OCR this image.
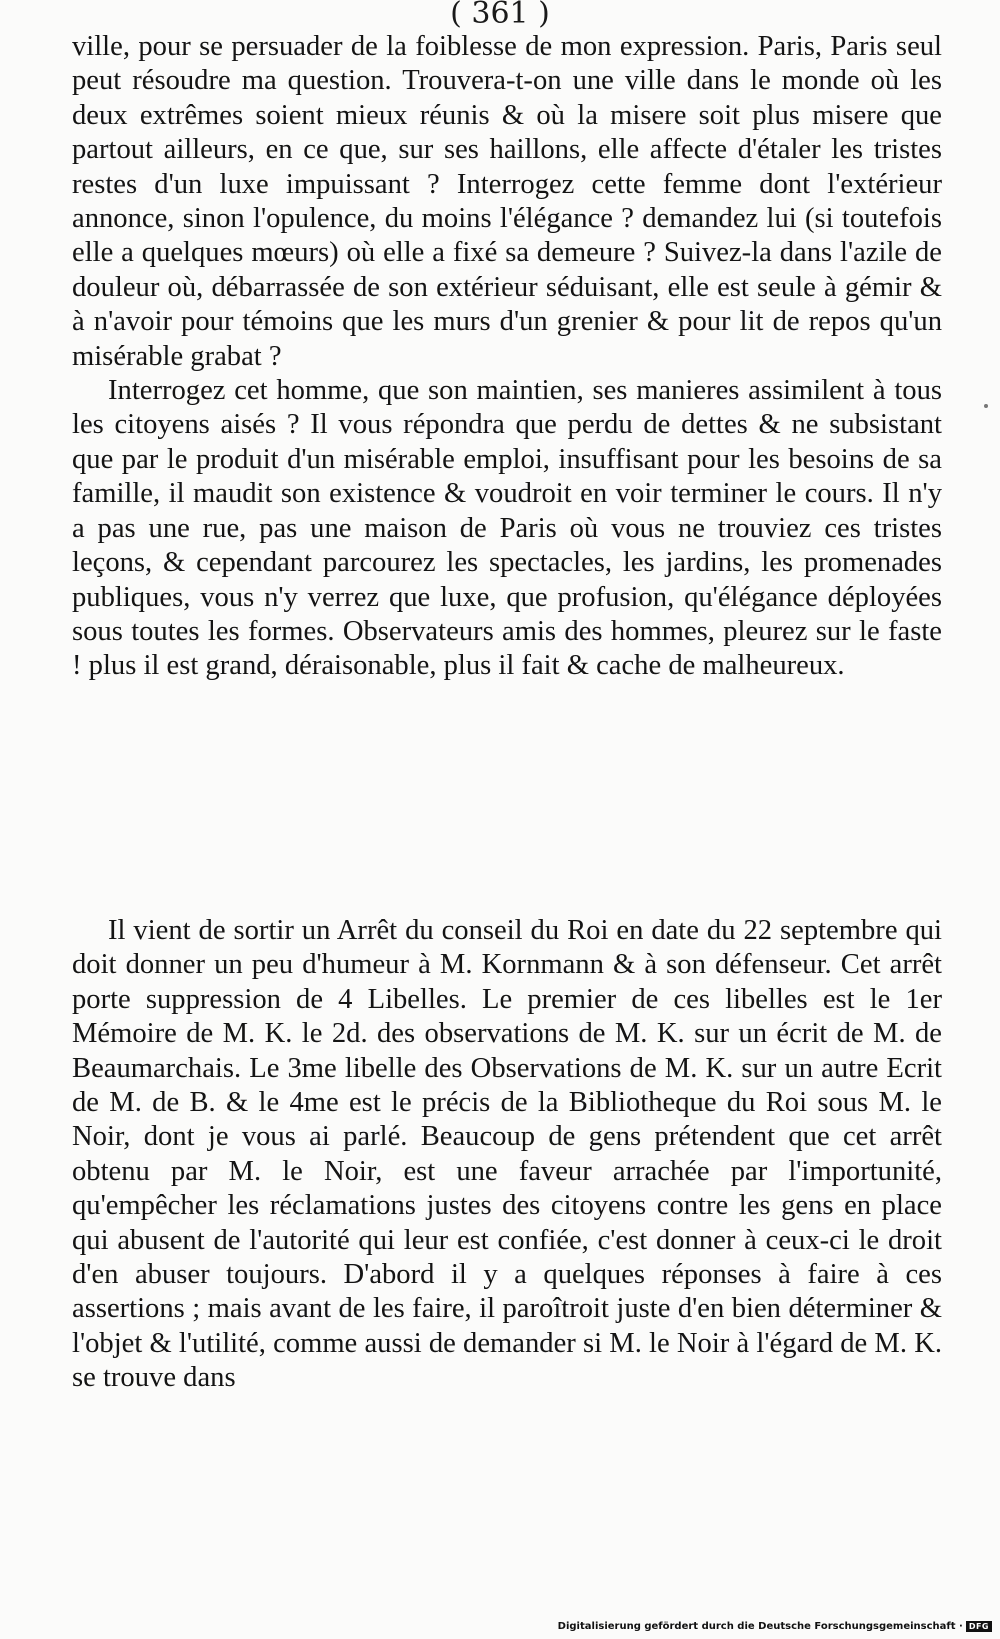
( 361 )

ville, pour se persuader de la foiblesse de mon expression. Paris, Paris seul peut résoudre ma question. Trouvera-t-on une ville dans le monde où les deux extrêmes soient mieux réunis & où la misere soit plus misere que partout ailleurs, en ce que, sur ses haillons, elle affecte d'étaler les tristes restes d'un luxe impuissant ? Interrogez cette femme dont l'extérieur annonce, sinon l'opulence, du moins l'élégance ? demandez lui (si toutefois elle a quelques mœurs) où elle a fixé sa demeure ? Suivez-la dans l'azile de douleur où, débarrassée de son extérieur séduisant, elle est seule à gémir & à n'avoir pour témoins que les murs d'un grenier & pour lit de repos qu'un misérable grabat ?

Interrogez cet homme, que son maintien, ses manieres assimilent à tous les citoyens aisés ? Il vous répondra que perdu de dettes & ne subsistant que par le produit d'un misérable emploi, insuffisant pour les besoins de sa famille, il maudit son existence & voudroit en voir terminer le cours. Il n'y a pas une rue, pas une maison de Paris où vous ne trouviez ces tristes leçons, & cependant parcourez les spectacles, les jardins, les promenades publiques, vous n'y verrez que luxe, que profusion, qu'élégance déployées sous toutes les formes. Observateurs amis des hommes, pleurez sur le faste ! plus il est grand, déraisonable, plus il fait & cache de malheureux.

Il vient de sortir un Arrêt du conseil du Roi en date du 22 septembre qui doit donner un peu d'humeur à M. Kornmann & à son défenseur. Cet arrêt porte suppression de 4 Libelles. Le premier de ces libelles est le 1er Mémoire de M. K. le 2d. des observations de M. K. sur un écrit de M. de Beaumarchais. Le 3me libelle des Observations de M. K. sur un autre Ecrit de M. de B. & le 4me est le précis de la Bibliotheque du Roi sous M. le Noir, dont je vous ai parlé. Beaucoup de gens prétendent que cet arrêt obtenu par M. le Noir, est une faveur arrachée par l'importunité, qu'empêcher les réclamations justes des citoyens contre les gens en place qui abusent de l'autorité qui leur est confiée, c'est donner à ceux-ci le droit d'en abuser toujours. D'abord il y a quelques réponses à faire à ces assertions ; mais avant de les faire, il paroîtroit juste d'en bien déterminer & l'objet & l'utilité, comme aussi de demander si M. le Noir à l'égard de M. K. se trouve dans

Digitalisierung gefördert durch die Deutsche Forschungsgemeinschaft · DFG
